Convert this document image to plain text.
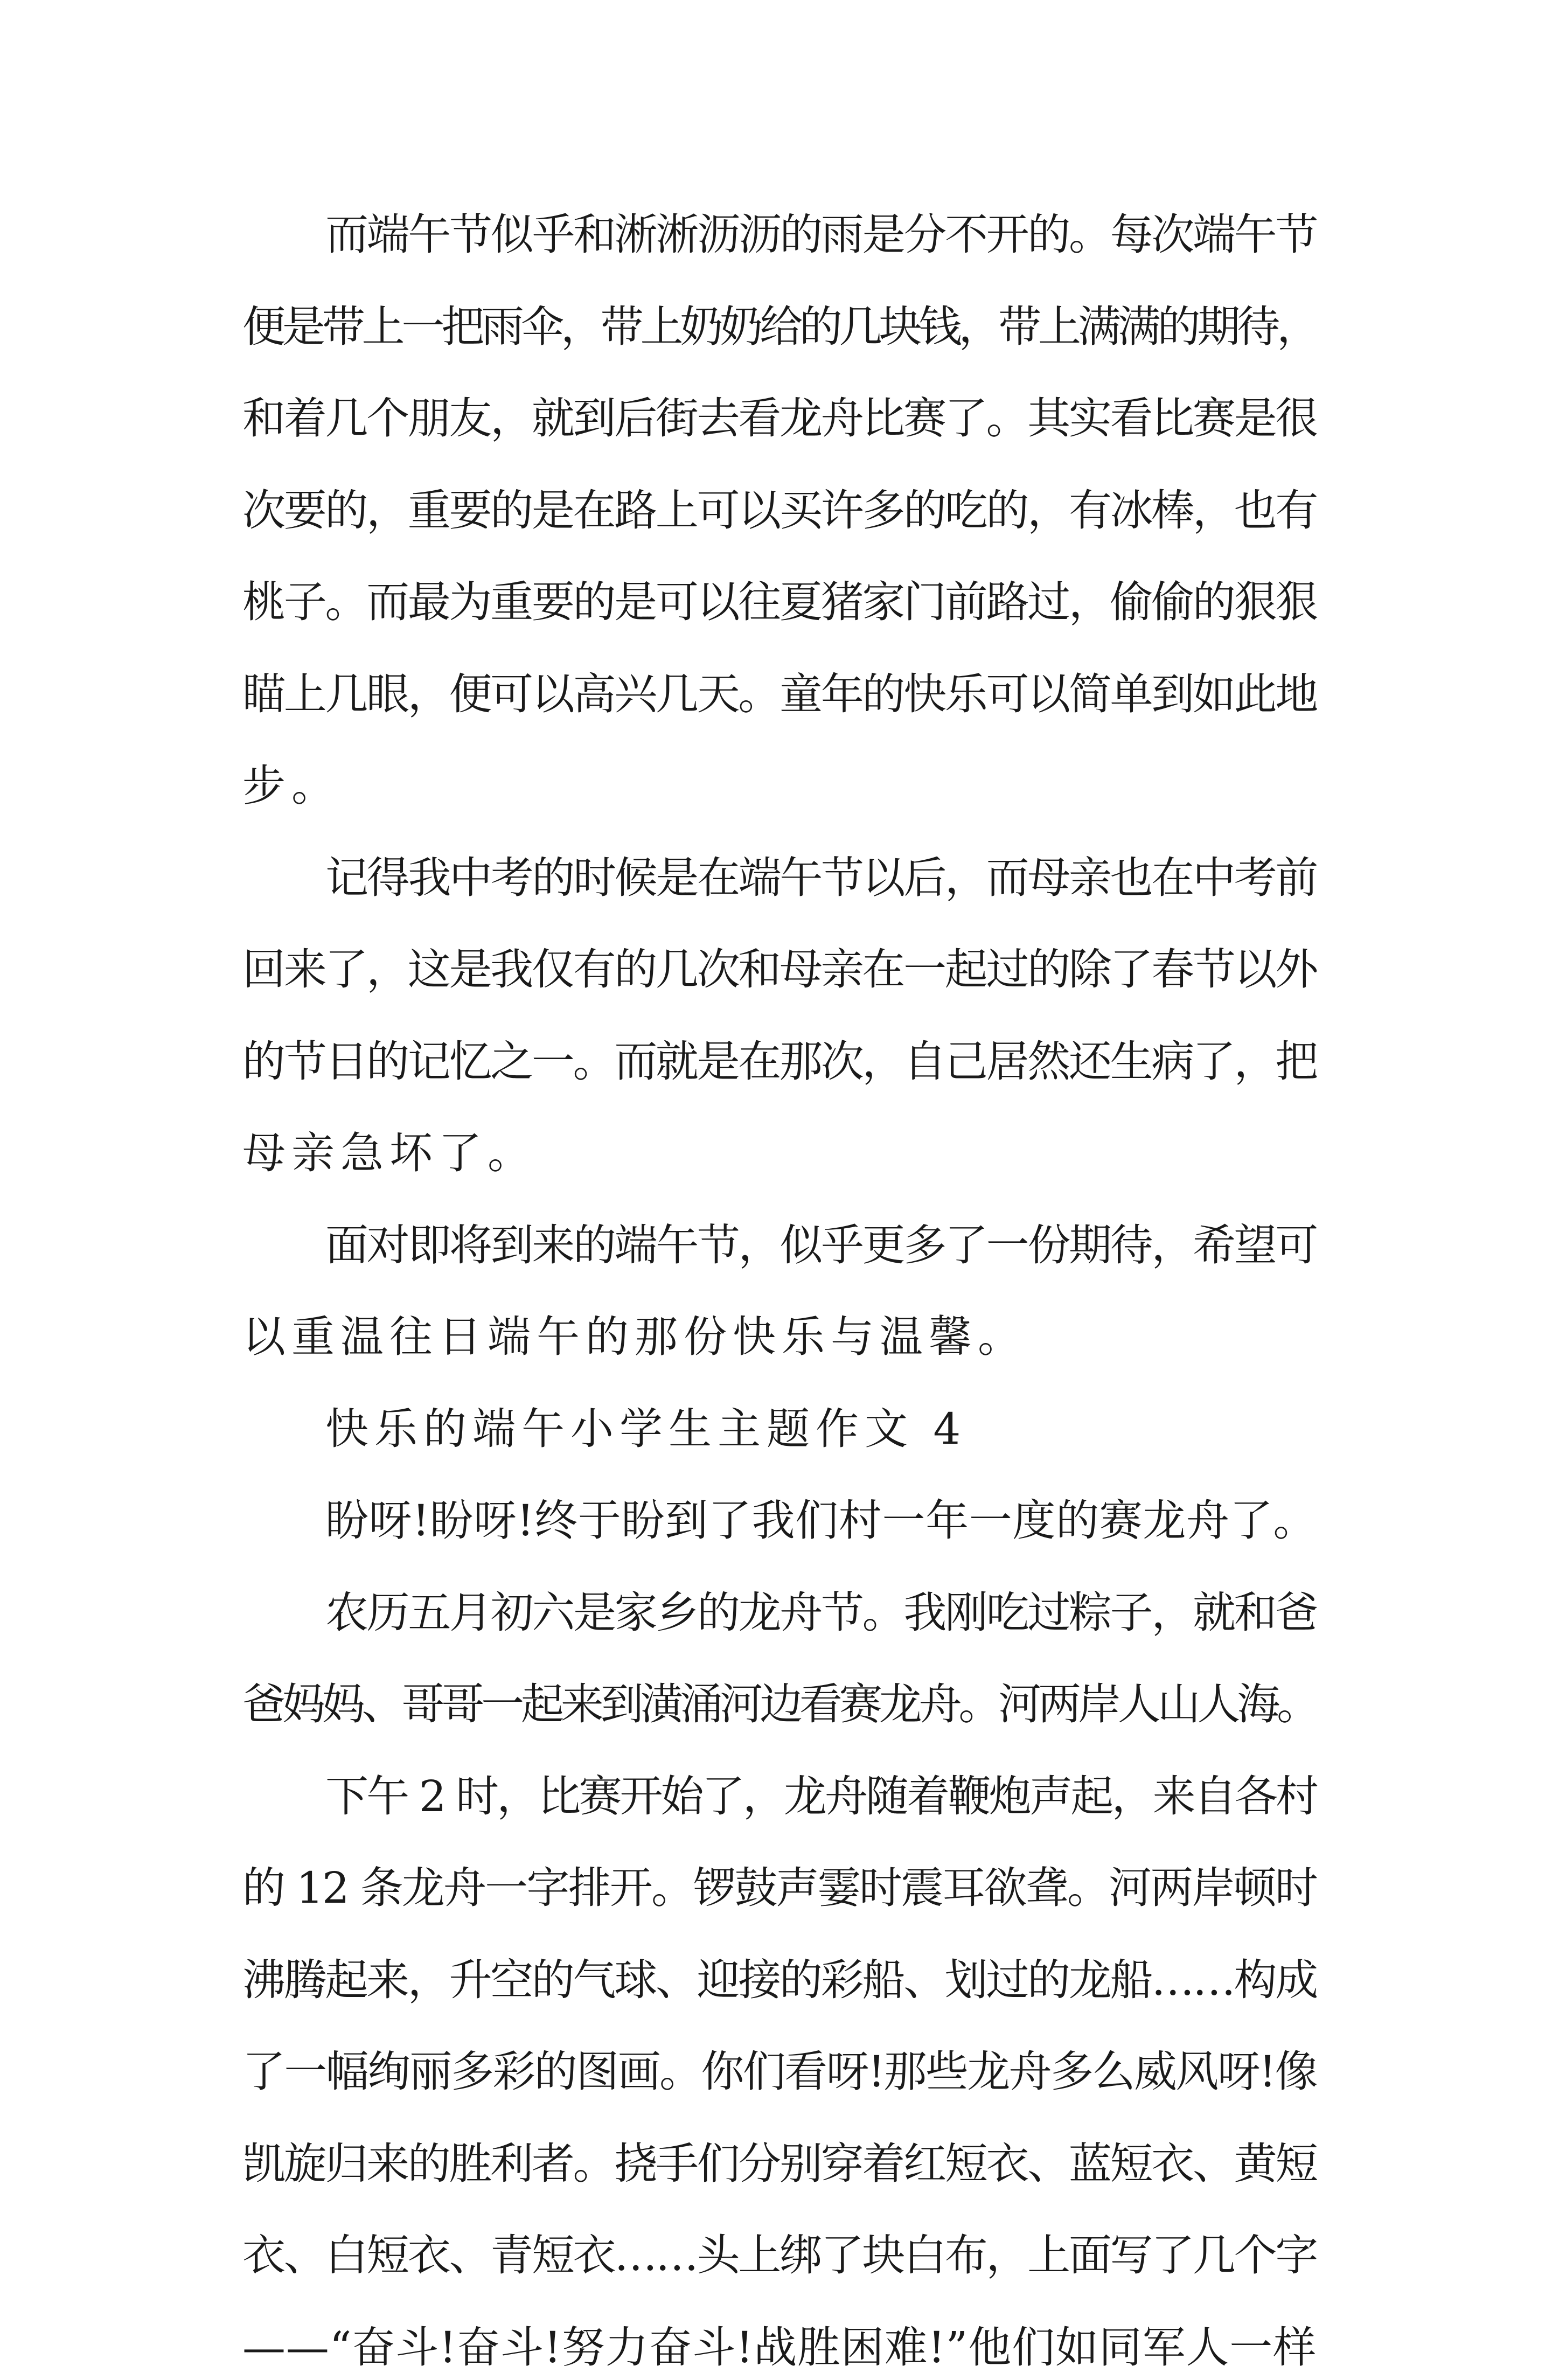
而端午节似乎和淅淅沥沥的雨是分不开的。每次端午节
便是带上一把雨伞，带上奶奶给的几块钱，带上满满的期待，
和着几个朋友，就到后街去看龙舟比赛了。其实看比赛是很
次要的，重要的是在路上可以买许多的吃的，有冰棒，也有
桃子。而最为重要的是可以往夏猪家门前路过，偷偷的狠狠
瞄上几眼，便可以高兴几天。童年的快乐可以简单到如此地
步。
记得我中考的时候是在端午节以后，而母亲也在中考前
回来了，这是我仅有的几次和母亲在一起过的除了春节以外
的节日的记忆之一。而就是在那次，自己居然还生病了，把
母亲急坏了。
面对即将到来的端午节，似乎更多了一份期待，希望可
以重温往日端午的那份快乐与温馨。
快乐的端午小学生主题作文 4
盼呀!盼呀!终于盼到了我们村一年一度的赛龙舟了。
农历五月初六是家乡的龙舟节。我刚吃过粽子，就和爸
爸妈妈、哥哥一起来到潢涌河边看赛龙舟。河两岸人山人海。
下午 2 时，比赛开始了，龙舟随着鞭炮声起，来自各村
的 12 条龙舟一字排开。锣鼓声霎时震耳欲聋。河两岸顿时
沸腾起来，升空的气球、迎接的彩船、划过的龙船……构成
了一幅绚丽多彩的图画。你们看呀!那些龙舟多么威风呀!像
凯旋归来的胜利者。挠手们分别穿着红短衣、蓝短衣、黄短
衣、白短衣、青短衣……头上绑了块白布，上面写了几个字
——“奋斗!奋斗!努力奋斗!战胜困难!”他们如同军人一样
